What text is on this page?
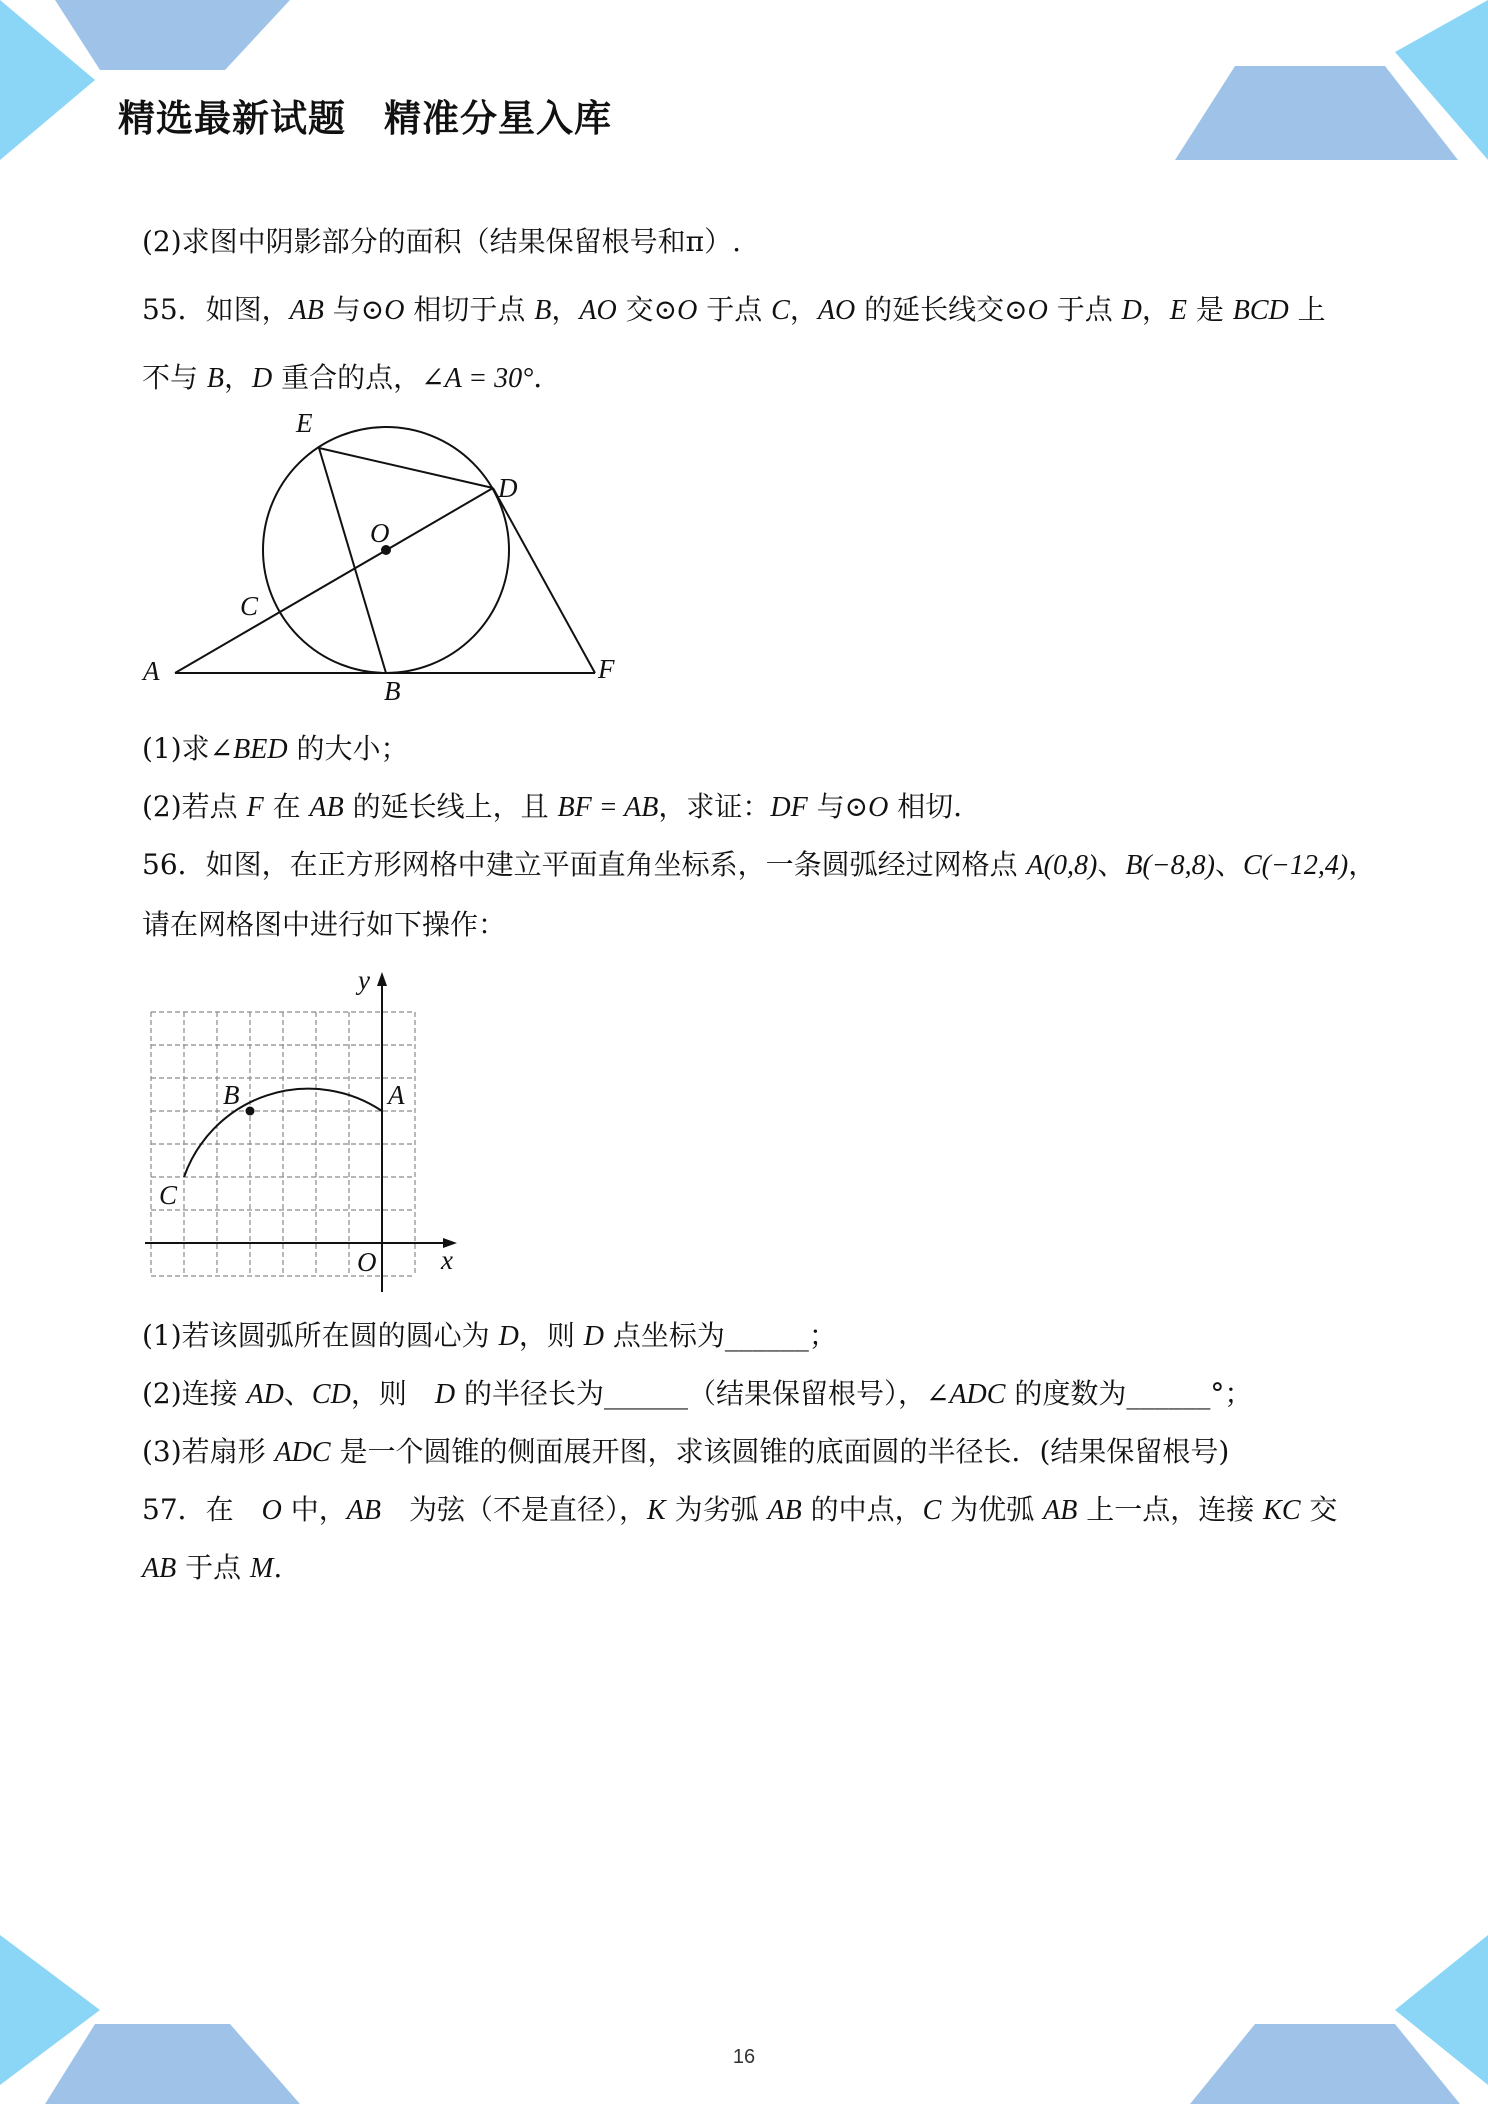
精选最新试题　精准分星入库
(2)求图中阴影部分的面积（结果保留根号和π）.
55．如图，AB 与⊙O 相切于点 B，AO 交⊙O 于点 C，AO 的延长线交⊙O 于点 D，E 是 BCD 上
不与 B，D 重合的点，∠A = 30°．
E
D
O
C
A
B
F
(1)求∠BED 的大小；
(2)若点 F 在 AB 的延长线上，且 BF = AB，求证：DF 与⊙O 相切．
56．如图，在正方形网格中建立平面直角坐标系，一条圆弧经过网格点 A(0,8)、B(−8,8)、C(−12,4)，
请在网格图中进行如下操作：
y
x
A
B
C
O
(1)若该圆弧所在圆的圆心为 D，则 D 点坐标为______；
(2)连接 AD、CD，则　D 的半径长为______（结果保留根号），∠ADC 的度数为______°；
(3)若扇形 ADC 是一个圆锥的侧面展开图，求该圆锥的底面圆的半径长．(结果保留根号)
57．在　O 中，AB　为弦（不是直径），K 为劣弧 AB 的中点，C 为优弧 AB 上一点，连接 KC 交
AB 于点 M.
16
